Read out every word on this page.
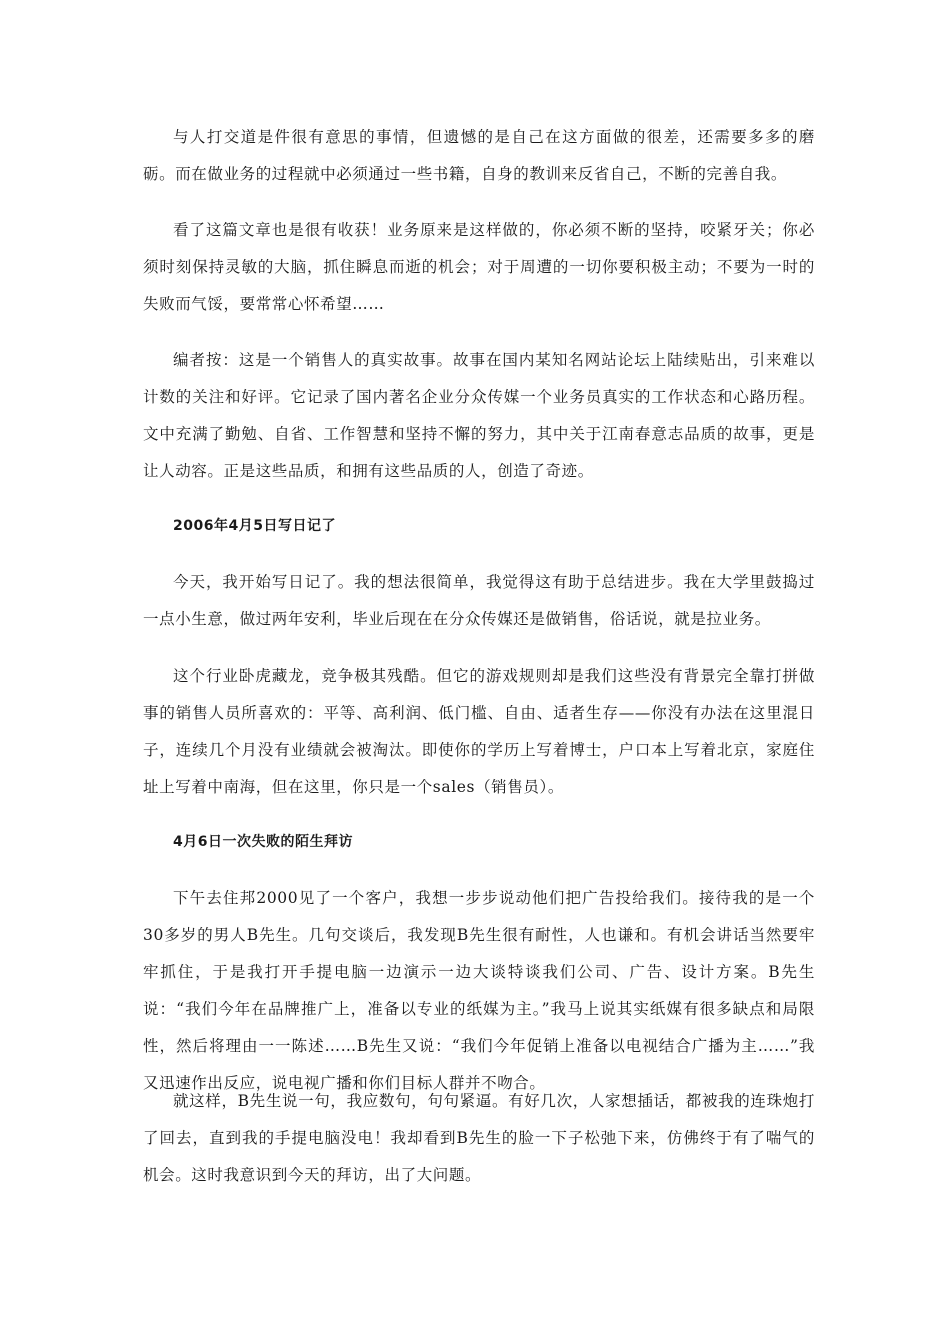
与人打交道是件很有意思的事情，但遗憾的是自己在这方面做的很差，还需要多多的磨砺。而在做业务的过程就中必须通过一些书籍，自身的教训来反省自己，不断的完善自我。

看了这篇文章也是很有收获！业务原来是这样做的，你必须不断的坚持，咬紧牙关；你必须时刻保持灵敏的大脑，抓住瞬息而逝的机会；对于周遭的一切你要积极主动；不要为一时的失败而气馁，要常常心怀希望……

编者按：这是一个销售人的真实故事。故事在国内某知名网站论坛上陆续贴出，引来难以计数的关注和好评。它记录了国内著名企业分众传媒一个业务员真实的工作状态和心路历程。文中充满了勤勉、自省、工作智慧和坚持不懈的努力，其中关于江南春意志品质的故事，更是让人动容。正是这些品质，和拥有这些品质的人，创造了奇迹。

2006年4月5日写日记了

今天，我开始写日记了。我的想法很简单，我觉得这有助于总结进步。我在大学里鼓捣过一点小生意，做过两年安利，毕业后现在在分众传媒还是做销售，俗话说，就是拉业务。

这个行业卧虎藏龙，竞争极其残酷。但它的游戏规则却是我们这些没有背景完全靠打拼做事的销售人员所喜欢的：平等、高利润、低门槛、自由、适者生存——你没有办法在这里混日子，连续几个月没有业绩就会被淘汰。即使你的学历上写着博士，户口本上写着北京，家庭住址上写着中南海，但在这里，你只是一个sales（销售员）。

4月6日一次失败的陌生拜访

下午去住邦2000见了一个客户，我想一步步说动他们把广告投给我们。接待我的是一个30多岁的男人B先生。几句交谈后，我发现B先生很有耐性，人也谦和。有机会讲话当然要牢牢抓住，于是我打开手提电脑一边演示一边大谈特谈我们公司、广告、设计方案。B先生说：“我们今年在品牌推广上，准备以专业的纸媒为主。”我马上说其实纸媒有很多缺点和局限性，然后将理由一一陈述……B先生又说：“我们今年促销上准备以电视结合广播为主……”我又迅速作出反应，说电视广播和你们目标人群并不吻合。

就这样，B先生说一句，我应数句，句句紧逼。有好几次，人家想插话，都被我的连珠炮打了回去，直到我的手提电脑没电！我却看到B先生的脸一下子松弛下来，仿佛终于有了喘气的机会。这时我意识到今天的拜访，出了大问题。
